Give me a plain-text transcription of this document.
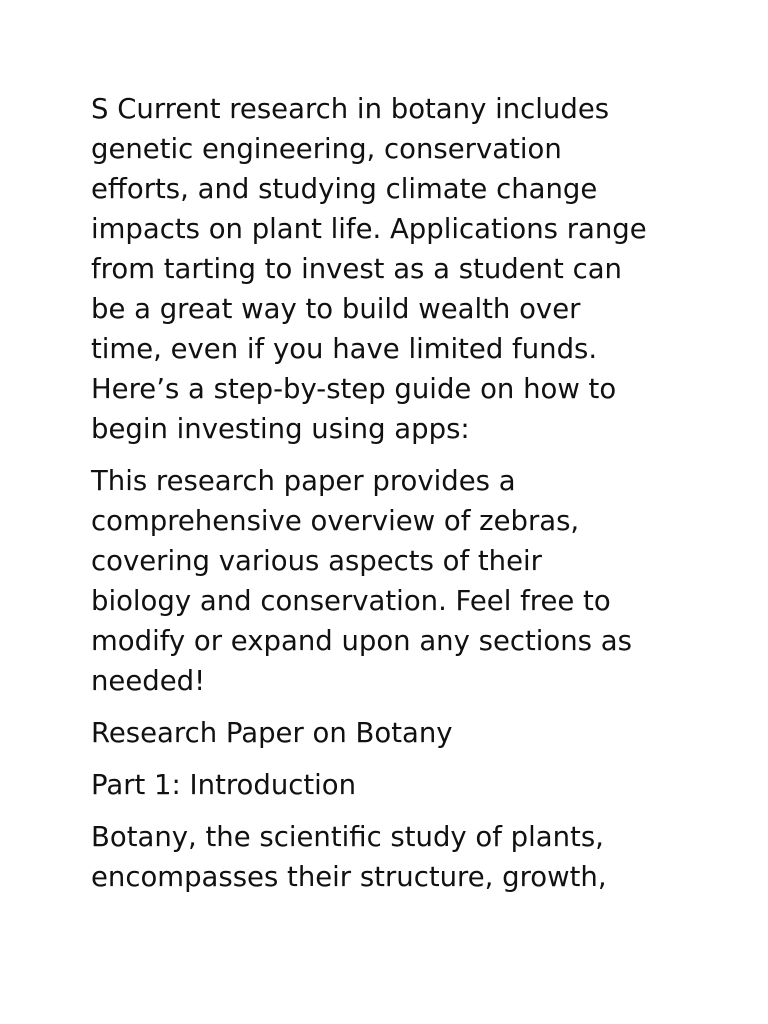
S Current research in botany includes
genetic engineering, conservation
efforts, and studying climate change
impacts on plant life. Applications range
from tarting to invest as a student can
be a great way to build wealth over
time, even if you have limited funds.
Here’s a step-by-step guide on how to
begin investing using apps:

This research paper provides a
comprehensive overview of zebras,
covering various aspects of their
biology and conservation. Feel free to
modify or expand upon any sections as
needed!

Research Paper on Botany

Part 1: Introduction

Botany, the scientific study of plants,
encompasses their structure, growth,
